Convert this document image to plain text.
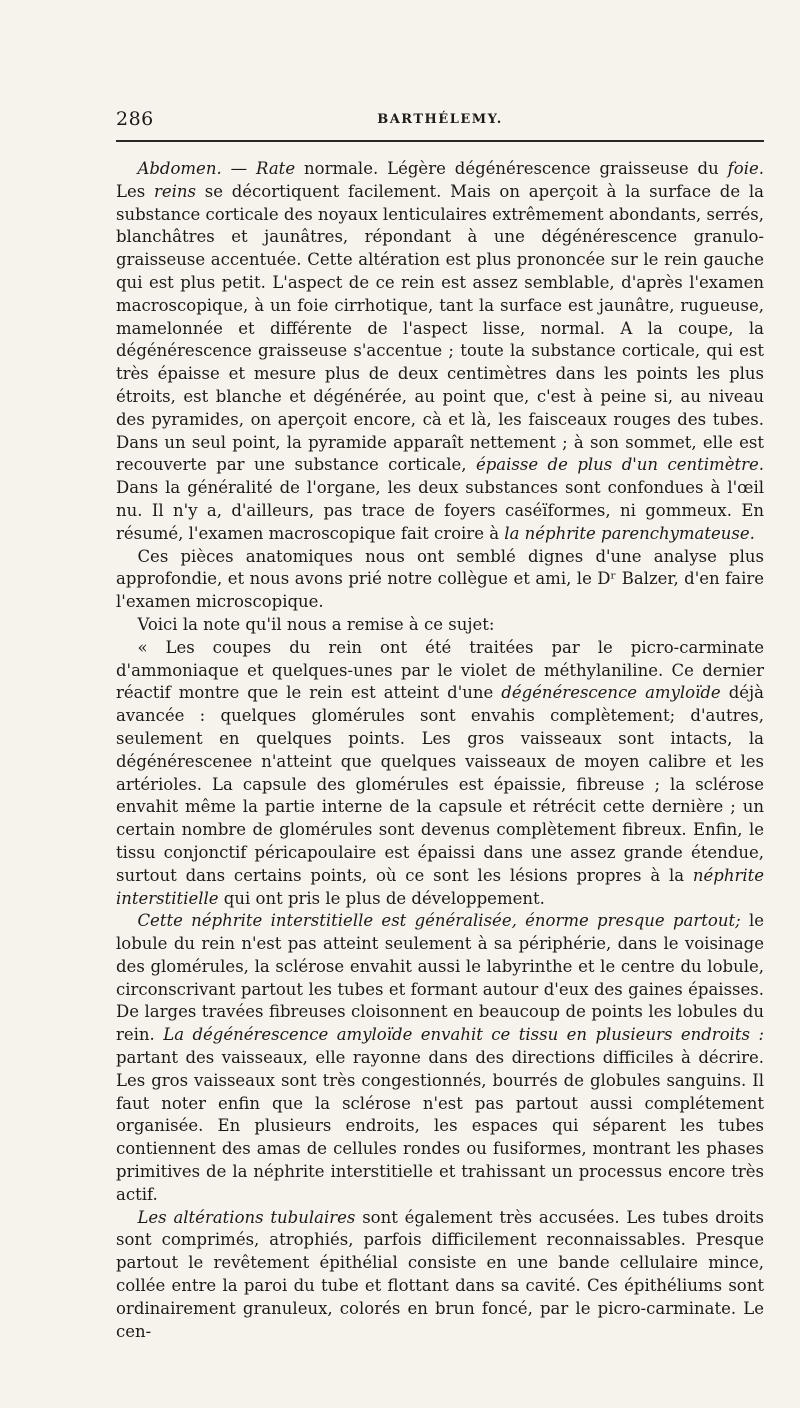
286	BARTHÉLEMY.

Abdomen. — Rate normale. Légère dégénérescence graisseuse du foie. Les reins se décortiquent facilement. Mais on aperçoit à la surface de la substance corticale des noyaux lenticulaires extrêmement abondants, serrés, blanchâtres et jaunâtres, répondant à une dégénérescence granulo-graisseuse accentuée. Cette altération est plus prononcée sur le rein gauche qui est plus petit. L'aspect de ce rein est assez semblable, d'après l'examen macroscopique, à un foie cirrhotique, tant la surface est jaunâtre, rugueuse, mamelonnée et différente de l'aspect lisse, normal. A la coupe, la dégénérescence graisseuse s'accentue ; toute la substance corticale, qui est très épaisse et mesure plus de deux centimètres dans les points les plus étroits, est blanche et dégénérée, au point que, c'est à peine si, au niveau des pyramides, on aperçoit encore, cà et là, les faisceaux rouges des tubes. Dans un seul point, la pyramide apparaît nettement ; à son sommet, elle est recouverte par une substance corticale, épaisse de plus d'un centimètre. Dans la généralité de l'organe, les deux substances sont confondues à l'œil nu. Il n'y a, d'ailleurs, pas trace de foyers caséïformes, ni gommeux. En résumé, l'examen macroscopique fait croire à la néphrite parenchymateuse.

Ces pièces anatomiques nous ont semblé dignes d'une analyse plus approfondie, et nous avons prié notre collègue et ami, le Dʳ Balzer, d'en faire l'examen microscopique.

Voici la note qu'il nous a remise à ce sujet:

« Les coupes du rein ont été traitées par le picro-carminate d'ammoniaque et quelques-unes par le violet de méthylaniline. Ce dernier réactif montre que le rein est atteint d'une dégénérescence amyloïde déjà avancée : quelques glomérules sont envahis complètement; d'autres, seulement en quelques points. Les gros vaisseaux sont intacts, la dégénérescenee n'atteint que quelques vaisseaux de moyen calibre et les artérioles. La capsule des glomérules est épaissie, fibreuse ; la sclérose envahit même la partie interne de la capsule et rétrécit cette dernière ; un certain nombre de glomérules sont devenus complètement fibreux. Enfin, le tissu conjonctif péricapoulaire est épaissi dans une assez grande étendue, surtout dans certains points, où ce sont les lésions propres à la néphrite interstitielle qui ont pris le plus de développement.

Cette néphrite interstitielle est généralisée, énorme presque partout; le lobule du rein n'est pas atteint seulement à sa périphérie, dans le voisinage des glomérules, la sclérose envahit aussi le labyrinthe et le centre du lobule, circonscrivant partout les tubes et formant autour d'eux des gaines épaisses. De larges travées fibreuses cloisonnent en beaucoup de points les lobules du rein. La dégénérescence amyloïde envahit ce tissu en plusieurs endroits : partant des vaisseaux, elle rayonne dans des directions difficiles à décrire. Les gros vaisseaux sont très congestionnés, bourrés de globules sanguins. Il faut noter enfin que la sclérose n'est pas partout aussi complétement organisée. En plusieurs endroits, les espaces qui séparent les tubes contiennent des amas de cellules rondes ou fusiformes, montrant les phases primitives de la néphrite interstitielle et trahissant un processus encore très actif.

Les altérations tubulaires sont également très accusées. Les tubes droits sont comprimés, atrophiés, parfois difficilement reconnaissables. Presque partout le revêtement épithélial consiste en une bande cellulaire mince, collée entre la paroi du tube et flottant dans sa cavité. Ces épithéliums sont ordinairement granuleux, colorés en brun foncé, par le picro-carminate. Le cen-
